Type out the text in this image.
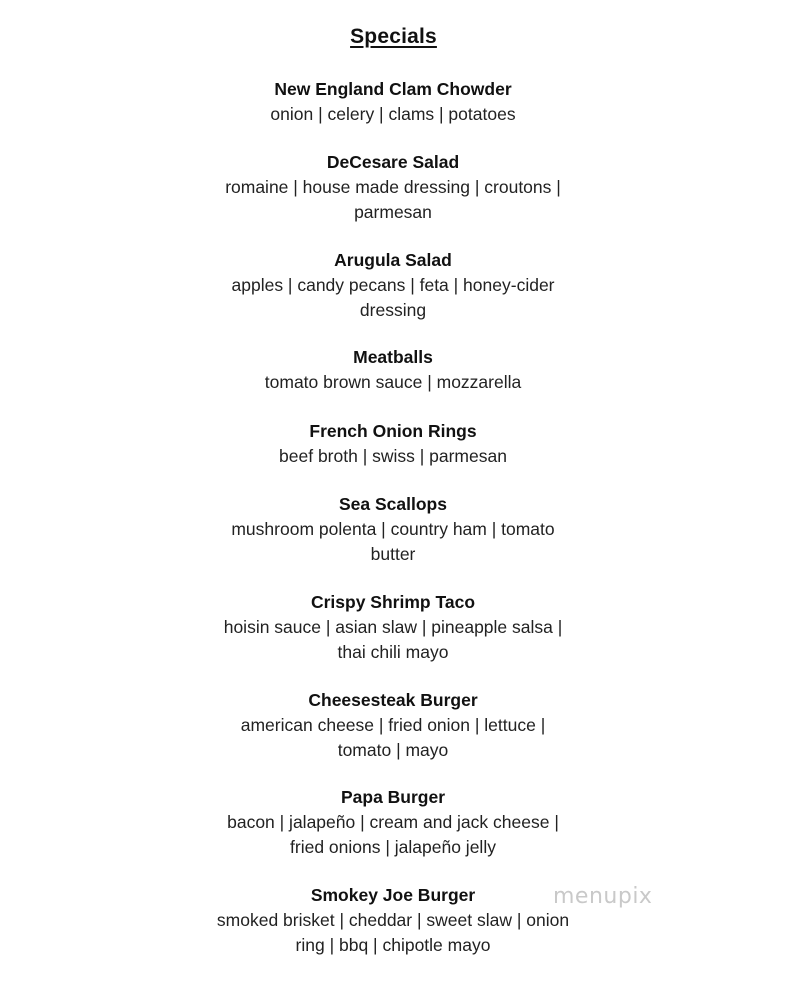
Specials
New England Clam Chowder
onion | celery | clams | potatoes
DeCesare Salad
romaine | house made dressing | croutons |
parmesan
Arugula Salad
apples | candy pecans | feta | honey-cider
dressing
Meatballs
tomato brown sauce | mozzarella
French Onion Rings
beef broth | swiss | parmesan
Sea Scallops
mushroom polenta | country ham | tomato
butter
Crispy Shrimp Taco
hoisin sauce | asian slaw | pineapple salsa |
thai chili mayo
Cheesesteak Burger
american cheese | fried onion | lettuce |
tomato | mayo
Papa Burger
bacon | jalapeño | cream and jack cheese |
fried onions | jalapeño jelly
Smokey Joe Burger
smoked brisket | cheddar | sweet slaw | onion
ring | bbq | chipotle mayo
menupix
